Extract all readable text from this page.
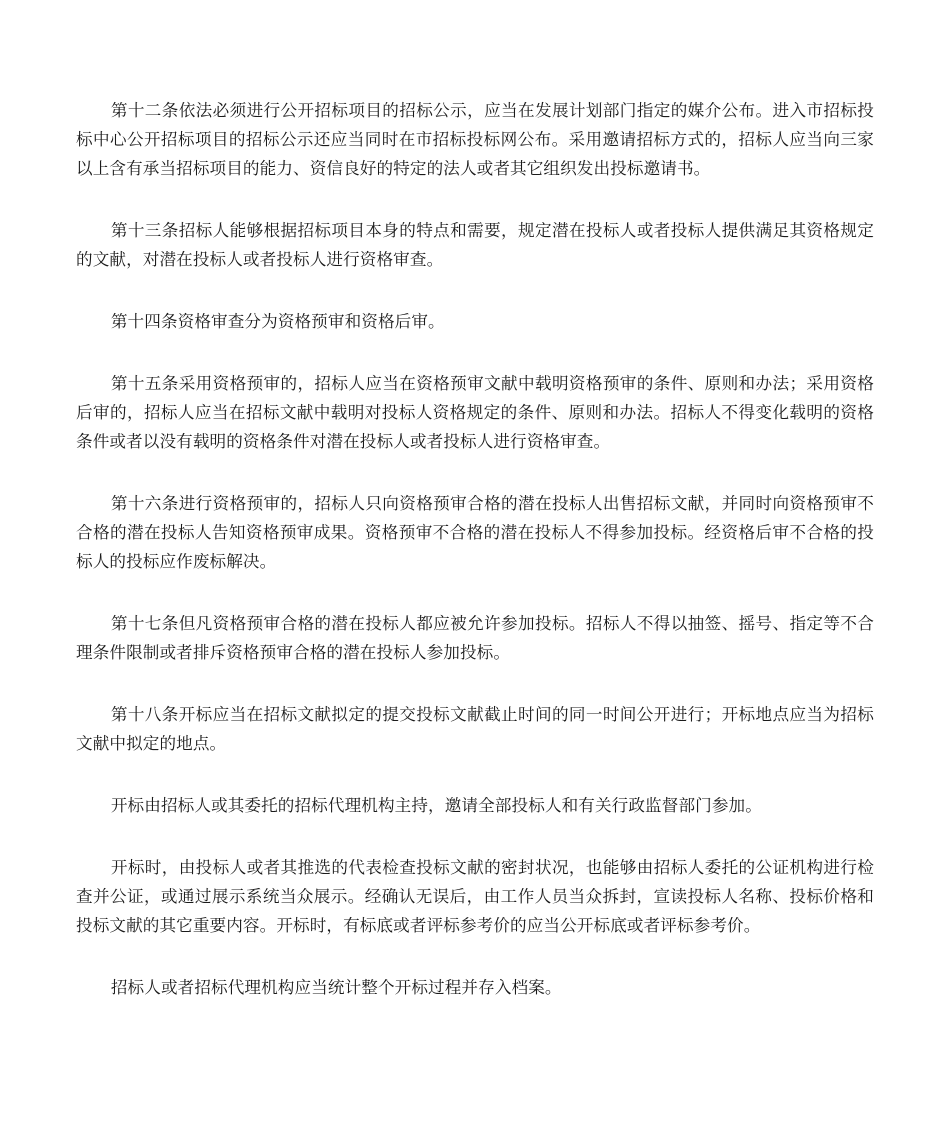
第十二条依法必须进行公开招标项目的招标公示，应当在发展计划部门指定的媒介公布。进入市招标投标中心公开招标项目的招标公示还应当同时在市招标投标网公布。采用邀请招标方式的，招标人应当向三家以上含有承当招标项目的能力、资信良好的特定的法人或者其它组织发出投标邀请书。

第十三条招标人能够根据招标项目本身的特点和需要，规定潜在投标人或者投标人提供满足其资格规定的文献，对潜在投标人或者投标人进行资格审查。

第十四条资格审查分为资格预审和资格后审。

第十五条采用资格预审的，招标人应当在资格预审文献中载明资格预审的条件、原则和办法；采用资格后审的，招标人应当在招标文献中载明对投标人资格规定的条件、原则和办法。招标人不得变化载明的资格条件或者以没有载明的资格条件对潜在投标人或者投标人进行资格审查。

第十六条进行资格预审的，招标人只向资格预审合格的潜在投标人出售招标文献，并同时向资格预审不合格的潜在投标人告知资格预审成果。资格预审不合格的潜在投标人不得参加投标。经资格后审不合格的投标人的投标应作废标解决。

第十七条但凡资格预审合格的潜在投标人都应被允许参加投标。招标人不得以抽签、摇号、指定等不合理条件限制或者排斥资格预审合格的潜在投标人参加投标。

第十八条开标应当在招标文献拟定的提交投标文献截止时间的同一时间公开进行；开标地点应当为招标文献中拟定的地点。

开标由招标人或其委托的招标代理机构主持，邀请全部投标人和有关行政监督部门参加。

开标时，由投标人或者其推选的代表检查投标文献的密封状况，也能够由招标人委托的公证机构进行检查并公证，或通过展示系统当众展示。经确认无误后，由工作人员当众拆封，宣读投标人名称、投标价格和投标文献的其它重要内容。开标时，有标底或者评标参考价的应当公开标底或者评标参考价。

招标人或者招标代理机构应当统计整个开标过程并存入档案。
